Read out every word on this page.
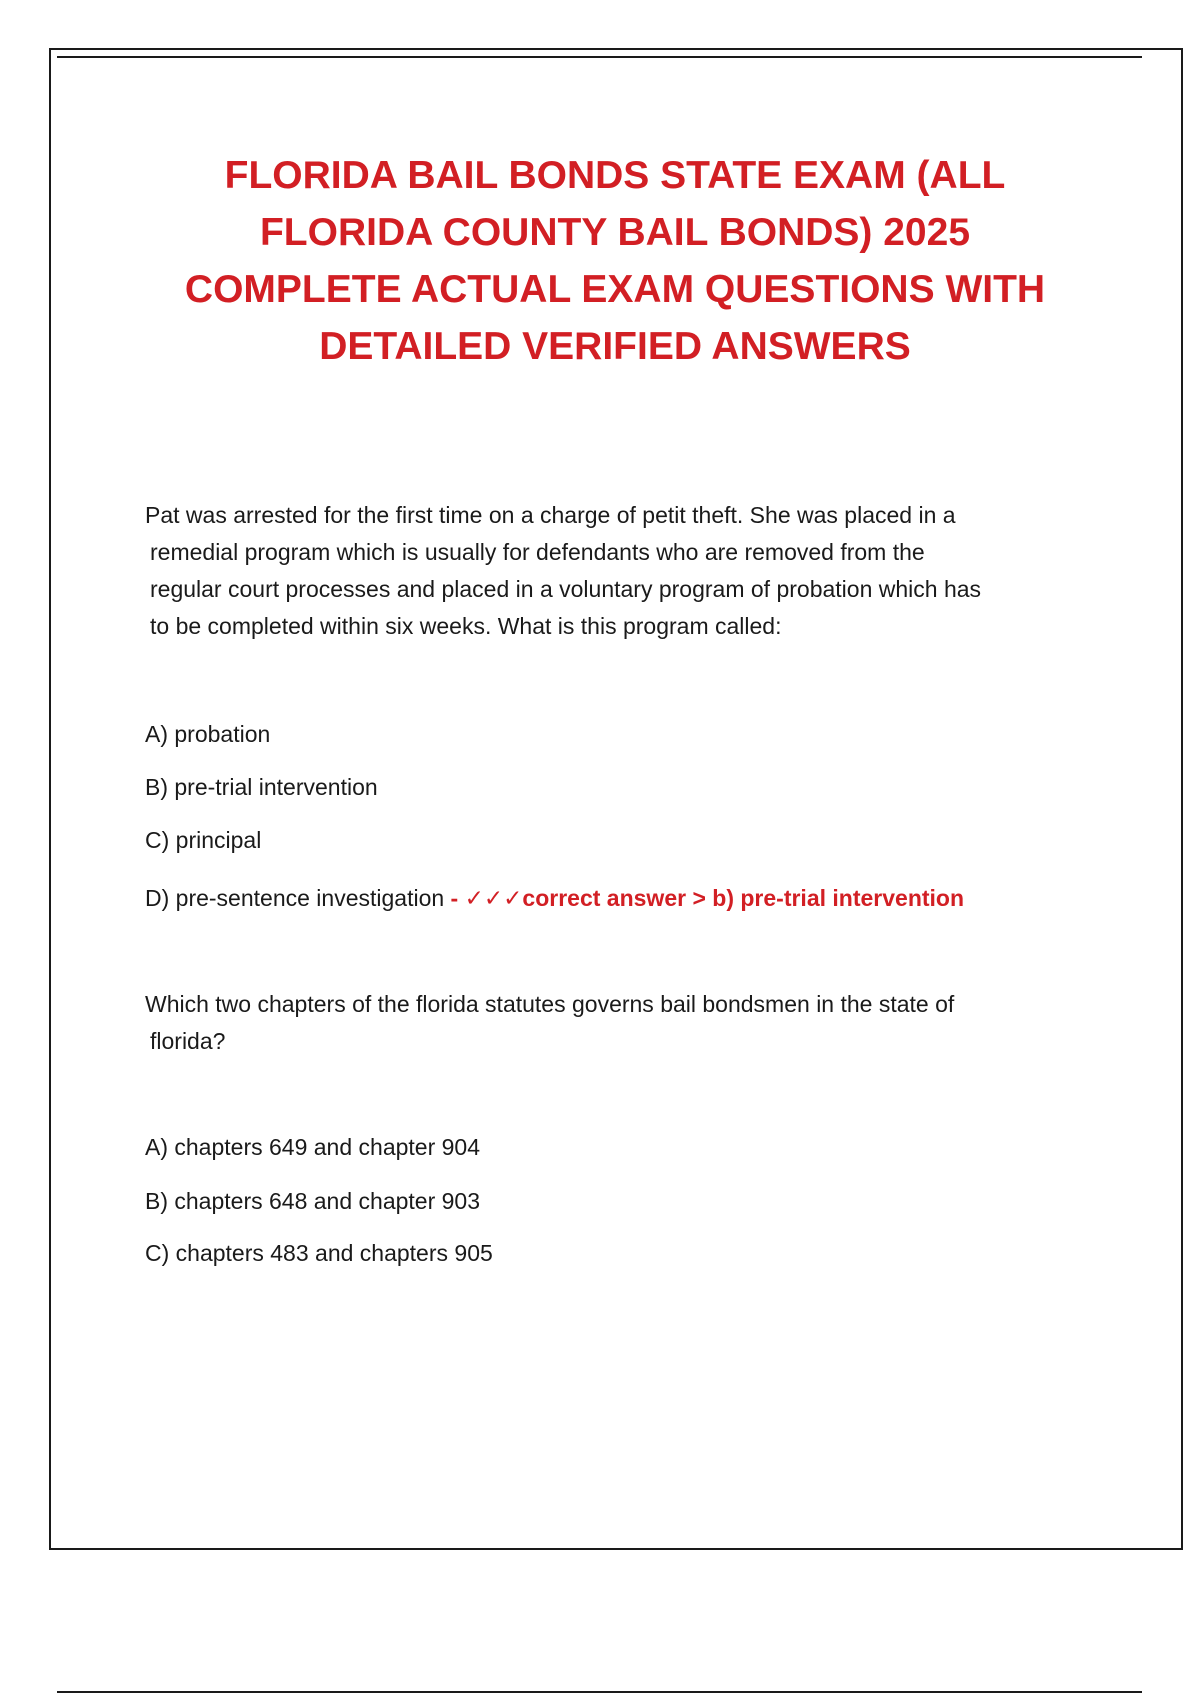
FLORIDA BAIL BONDS STATE EXAM (ALL
FLORIDA COUNTY BAIL BONDS) 2025
COMPLETE ACTUAL EXAM QUESTIONS WITH
DETAILED VERIFIED ANSWERS

Pat was arrested for the first time on a charge of petit theft. She was placed in a
remedial program which is usually for defendants who are removed from the
regular court processes and placed in a voluntary program of probation which has
to be completed within six weeks. What is this program called:

A) probation

B) pre-trial intervention

C) principal

D) pre-sentence investigation - ✓✓✓correct answer > b) pre-trial intervention

Which two chapters of the florida statutes governs bail bondsmen in the state of
florida?

A) chapters 649 and chapter 904

B) chapters 648 and chapter 903

C) chapters 483 and chapters 905
